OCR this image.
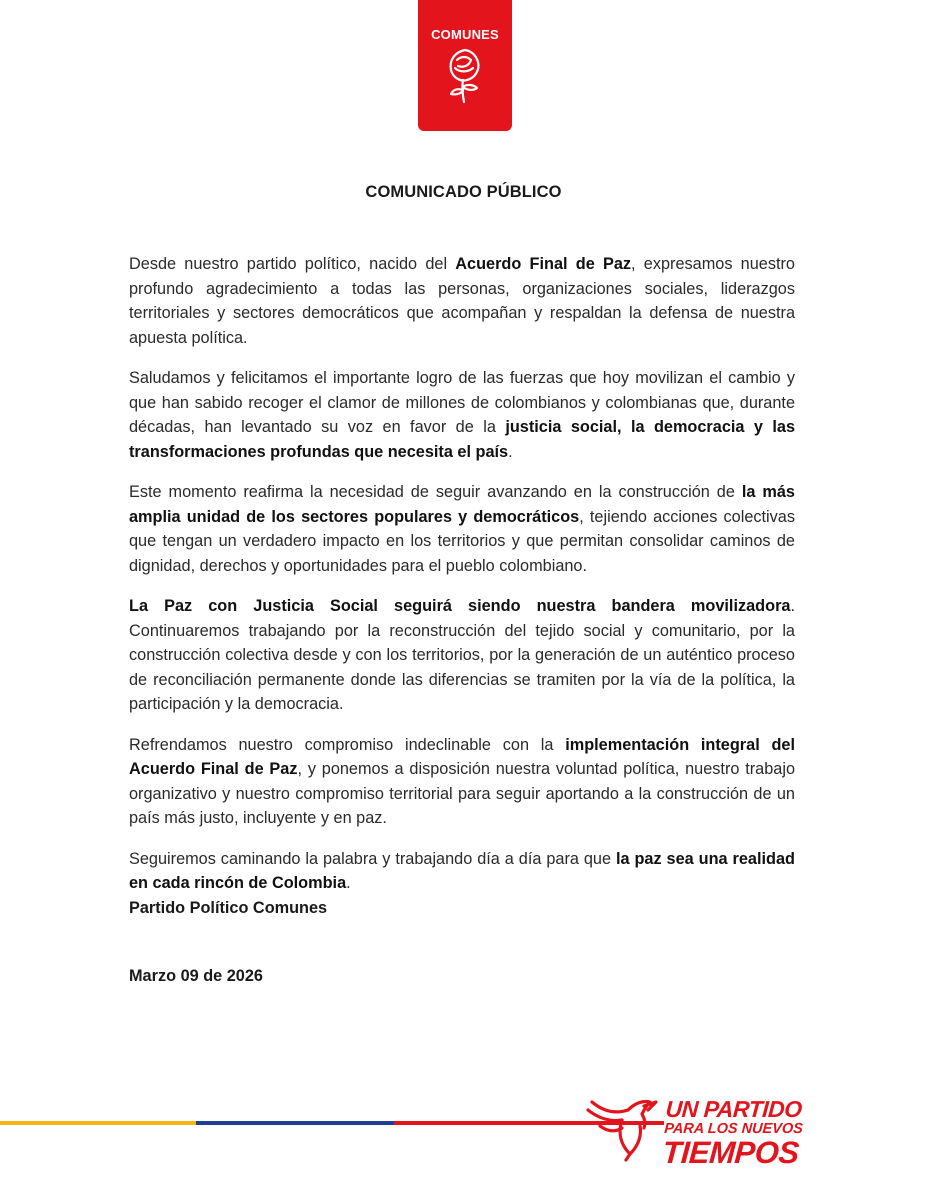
COMUNES
COMUNICADO PÚBLICO

Desde nuestro partido político, nacido del Acuerdo Final de Paz, expresamos nuestro profundo agradecimiento a todas las personas, organizaciones sociales, liderazgos territoriales y sectores democráticos que acompañan y respaldan la defensa de nuestra apuesta política.

Saludamos y felicitamos el importante logro de las fuerzas que hoy movilizan el cambio y que han sabido recoger el clamor de millones de colombianos y colombianas que, durante décadas, han levantado su voz en favor de la justicia social, la democracia y las transformaciones profundas que necesita el país.

Este momento reafirma la necesidad de seguir avanzando en la construcción de la más amplia unidad de los sectores populares y democráticos, tejiendo acciones colectivas que tengan un verdadero impacto en los territorios y que permitan consolidar caminos de dignidad, derechos y oportunidades para el pueblo colombiano.

La Paz con Justicia Social seguirá siendo nuestra bandera movilizadora. Continuaremos trabajando por la reconstrucción del tejido social y comunitario, por la construcción colectiva desde y con los territorios, por la generación de un auténtico proceso de reconciliación permanente donde las diferencias se tramiten por la vía de la política, la participación y la democracia.

Refrendamos nuestro compromiso indeclinable con la implementación integral del Acuerdo Final de Paz, y ponemos a disposición nuestra voluntad política, nuestro trabajo organizativo y nuestro compromiso territorial para seguir aportando a la construcción de un país más justo, incluyente y en paz.

Seguiremos caminando la palabra y trabajando día a día para que la paz sea una realidad en cada rincón de Colombia.

Partido Político Comunes

Marzo 09 de 2026

UN PARTIDO
PARA LOS NUEVOS
TIEMPOS
